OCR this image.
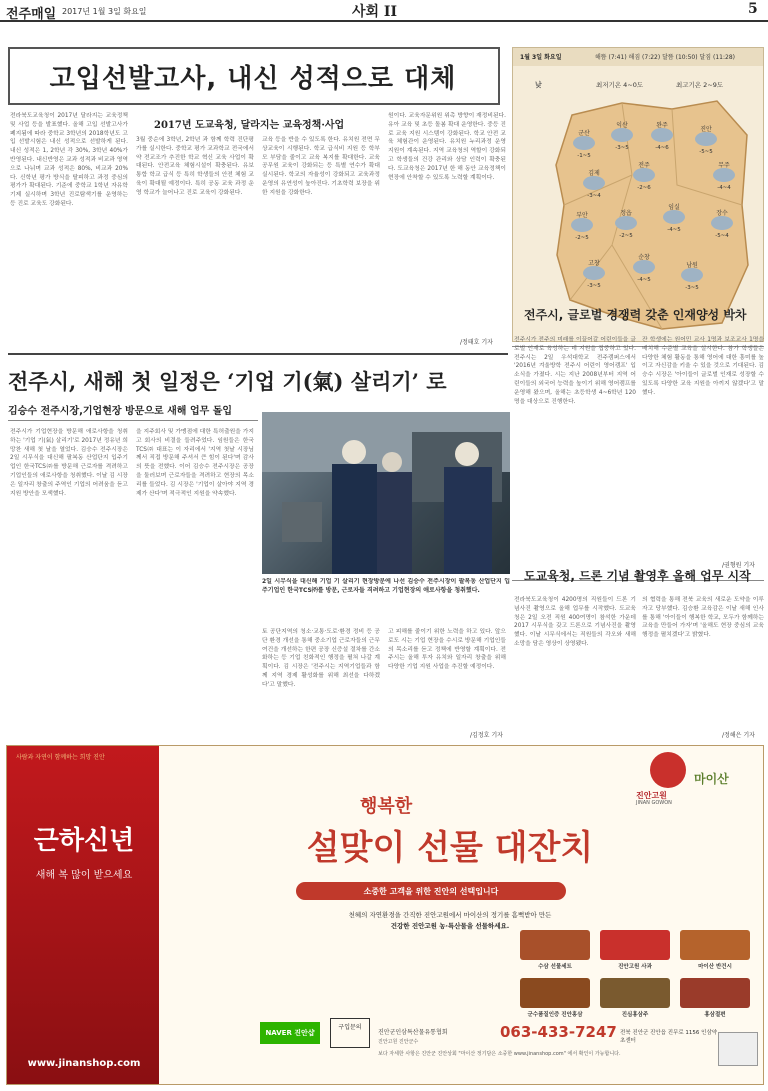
전주매일 2017년 1월 3일 화요일	사회 II	5
고입선발고사, 내신 성적으로 대체
2017년 도교육청, 달라지는 교육정책·사업
전라북도교육청이 2017년 달라지는 교육정책 및 사업 등을 발표했다. 올해 고입 선발고사가 폐지됨에 따라 중학교 3학년의 2018학년도 고입 선발시험은 내신 성적으로 선발하게 된다. 내신 성적은 1, 2학년 각 30%, 3학년 40%가 반영된다. 내신반영은 교과 성적과 비교과 영역으로 나뉘며 교과 성적은 80%, 비교과 20%다. 신학년 평가 방식을 탈피하고 과정 중심의 평가가 확대된다. 기준에 중학교 1학년 자유학기제 실시하며 3학년 진로탐색기를 운영하는 등 진로 교육도 강화된다.
3월 중순에 3학년, 2학년 과 함께 학력 진단평가를 실시한다. 중학교 평가 교과학교 전국에서 약 전교조가 추진한 학교 혁신 교육 사업이 확대된다. 안전교육 체험시설이 확충된다. 유보 통합 학교 급식 등 특히 학생들의 안전 체험 교육이 확대될 예정이다. 특히 공동 교육 과정 운영 학교가 늘어나고 진로 교육이 강화된다.
교육 등을 반을 수 있도록 한다. 유치원 전면 무상교육이 시행된다. 학교 급식비 지원 등 학부모 부담을 줄이고 교육 복지를 확대한다. 교육공무원 교육이 강화되는 등 특별 연수가 확대 실시된다. 학교의 자율성이 강화되고 교육과정 운영의 유연성이 높아진다. 기초학력 보장을 위한 지원을 강화한다.
원이다. 교육자문위원 위촉 방향이 재정비된다. 유아 교육 및 초등 돌봄 확대 운영한다. 중등 진로 교육 지원 시스템이 강화된다. 학교 안전 교육 체험관이 운영된다. 유치원 누리과정 운영 지원이 계속된다. 지역 교육청의 역할이 강화되고 학생들의 건강 관리와 상담 인력이 확충된다. 도교육청은 2017년 한 해 동안 교육정책이 현장에 안착할 수 있도록 노력할 계획이다.
/정태호 기자
1월 3일 화요일	해뜸 (7:41) 해짐 (7:22) 달뜸 (10:50) 달짐 (11:28)
낮	최저기온 4~0도	최고기온 2~9도
군산
-1~5
익산
-3~5
완주
-4~6
진안
-5~5
김제
-3~4
전주
-2~6
무주
-4~4
부안
-2~5
정읍
-2~5
임실
-4~5
장수
-5~4
고창
-3~5
순창
-4~5
남원
-3~5
전주시, 글로벌 경쟁력 갖춘 인재양성 박차
전주시가 전주의 미래를 이끌어갈 어린이들을 글로벌 인재로 육성하는 데 지원을 집중하고 있다. 전주시는 2일 우석대학교 전주캠퍼스에서 '2016년 겨울방학 전주시 어린이 영어캠프' 입소식을 가졌다. 시는 지난 2008년부터 지역 어린이들의 외국어 능력을 높이기 위해 영어캠프를 운영해 왔으며, 올해는 초등학생 4~6학년 120명을 대상으로 진행한다.
잔 학생에는 원어민 교사 1명과 보조교사 1명을 배치해 수준별 교육을 실시한다. 참가 학생들은 다양한 체험 활동을 통해 영어에 대한 흥미를 높이고 자신감을 키울 수 있을 것으로 기대된다. 김승수 시장은 '아이들이 글로벌 인재로 성장할 수 있도록 다양한 교육 지원을 아끼지 않겠다'고 말했다.
/권형원 기자
도교육청, 드론 기념 촬영후 올해 업무 시작
전라북도교육청이 4200명의 직원들이 드론 기념사진 촬영으로 올해 업무를 시작했다. 도교육청은 2일 오전 직원 400여명이 참석한 가운데 2017 시무식을 갖고 드론으로 기념사진을 촬영했다. 이날 시무식에서는 직원들의 각오와 새해 소망을 담은 영상이 상영됐다.
의 협력을 통해 전북 교육의 새로운 도약을 이루자고 당부했다. 김승환 교육감은 이날 새해 인사를 통해 '아이들이 행복한 학교, 모두가 함께하는 교육을 만들어 가자'며 '올해도 현장 중심의 교육 행정을 펼치겠다'고 밝혔다.
/정해은 기자
전주시, 새해 첫 일정은 ‘기업 기(氣) 살리기’ 로
김승수 전주시장,기업현장 방문으로 새해 업무 돌입
전주시가 기업현장을 방문해 애로사항을 청취하는 '기업 기(氣) 살리기'로 2017년 정유년 희망찬 새해 첫 날을 열었다. 김승수 전주시장은 2일 시무식을 대신해 팔복동 산업단지 입주기업인 한국TCS㈜를 방문해 근로자를 격려하고 기업인들의 애로사항을 청취했다. 이날 김 시장은 일자리 창출의 주역인 기업의 어려움을 듣고 지원 방안을 모색했다.
을 지주회사 및 가맹점에 대한 특허출원을 가지고 회사의 비결을 들려주었다. 임원들은 한국TCS㈜ 대표는 이 자리에서 '지역 첫날 시장님께서 직접 방문해 주셔서 큰 힘이 된다'며 감사의 뜻을 전했다. 이어 김승수 전주시장은 공장을 둘러보며 근로자들을 격려하고 현장의 목소리를 들었다. 김 시장은 '기업이 살아야 지역 경제가 산다'며 적극적인 지원을 약속했다.
2일 시무식을 대신해 기업 기 살리기 현장방문에 나선 김승수 전주시장이 팔복동 산업단지 입주기업인 한국TCS㈜를 방문, 근로자들 격려하고 기업현장의 애로사항을 청취했다.
토 공단지역의 청소·교통·도로·환경 정비 등 공단 환경 개선을 통해 중소기업 근로자들의 근무 여건을 개선하는 한편 공장 신증설 절차를 간소화하는 등 기업 친화적인 행정을 펼쳐 나갈 계획이다. 김 시장은 '전주시는 지역기업들과 함께 지역 경제 활성화를 위해 최선을 다하겠다'고 말했다.
고 피해를 줄이기 위한 노력을 하고 있다. 앞으로도 시는 기업 현장을 수시로 방문해 기업인들의 목소리를 듣고 정책에 반영할 계획이다. 전주시는 올해 투자 유치와 일자리 창출을 위해 다양한 기업 지원 사업을 추진할 예정이다.
/김정호 기자
사람과 자연이 함께하는 희망 진안
근하신년
새해 복 많이 받으세요
www.jinanshop.com
진안고원
JINAN GOWON
마이산
행복한
설맞이 선물 대잔치
소중한 고객을 위한 진안의 선택입니다
천혜의 자연환경을 간직한 진안고원에서 마이산의 정기를 흠뻑받아 만든
건강한 진안고원 농·특산물을 선물하세요.
수삼 선물세트	진안고원 사과	마이산 반건시
군수품질인증 진안홍삼	진심홍삼주	홍삼절편
NAVER 진안샵
구입문의	063-433-7247
진안군인삼특산물유통협회	전북 진안군 진안읍 진무로 1156 인삼약초센터
진안고원 진안군수
보다 자세한 사항은 진안군 진안상회 "마이산 정기담은 소중한 www.jinanshop.com" 에서 확인이 가능합니다.
